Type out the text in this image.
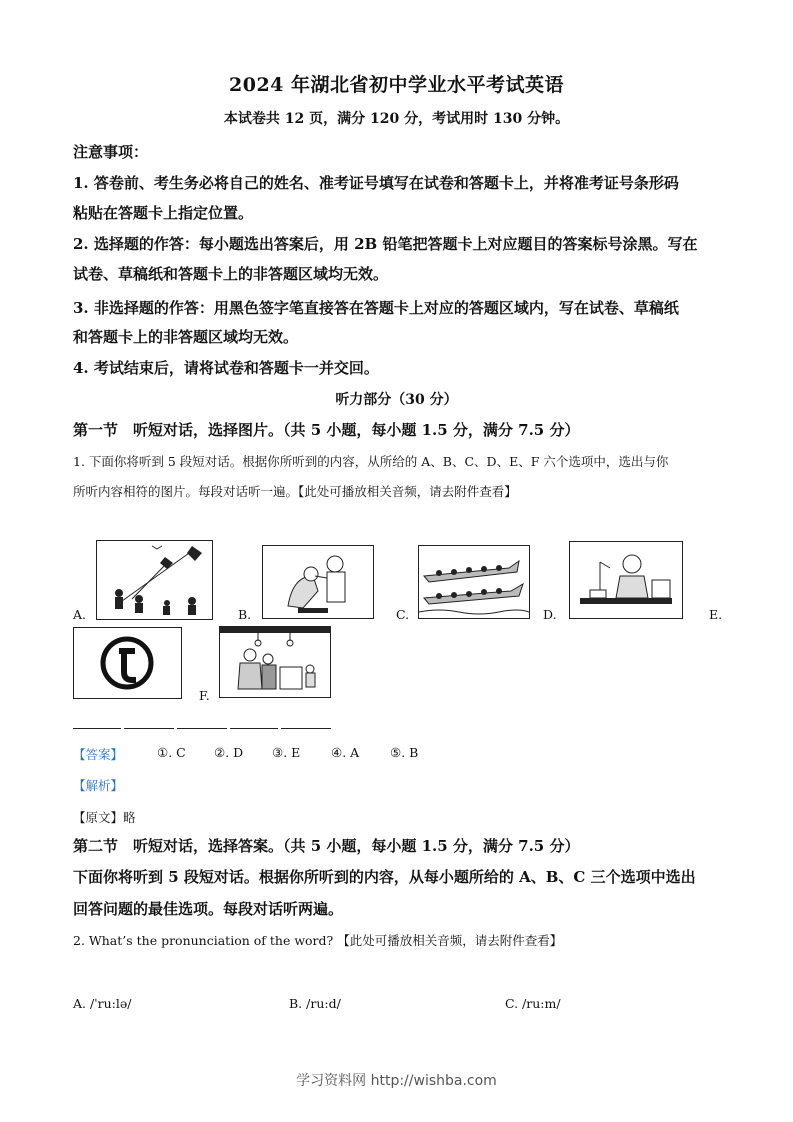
2024 年湖北省初中学业水平考试英语
本试卷共 12 页，满分 120 分，考试用时 130 分钟。
注意事项：
1. 答卷前、考生务必将自己的姓名、准考证号填写在试卷和答题卡上，并将准考证号条形码
粘贴在答题卡上指定位置。
2. 选择题的作答：每小题选出答案后，用 2B 铅笔把答题卡上对应题目的答案标号涂黑。写在
试卷、草稿纸和答题卡上的非答题区域均无效。
3. 非选择题的作答：用黑色签字笔直接答在答题卡上对应的答题区域内，写在试卷、草稿纸
和答题卡上的非答题区域均无效。
4. 考试结束后，请将试卷和答题卡一并交回。
听力部分（30 分）
第一节　听短对话，选择图片。（共 5 小题，每小题 1.5 分，满分 7.5 分）
1. 下面你将听到 5 段短对话。根据你所听到的内容，从所给的 A、B、C、D、E、F 六个选项中，选出与你
所听内容相符的图片。每段对话听一遍。【此处可播放相关音频，请去附件查看】
A.	B.	C.	D.	E.
F.
【答案】	①. C ②. D ③. E ④. A ⑤. B
【解析】
【原文】略
第二节　听短对话，选择答案。（共 5 小题，每小题 1.5 分，满分 7.5 分）
下面你将听到 5 段短对话。根据你所听到的内容，从每小题所给的 A、B、C 三个选项中选出
回答问题的最佳选项。每段对话听两遍。
2. What’s the pronunciation of the word? 【此处可播放相关音频，请去附件查看】
A. /ˈru:lə/	B. /ru:d/	C. /ru:m/
学习资料网 http://wishba.com
